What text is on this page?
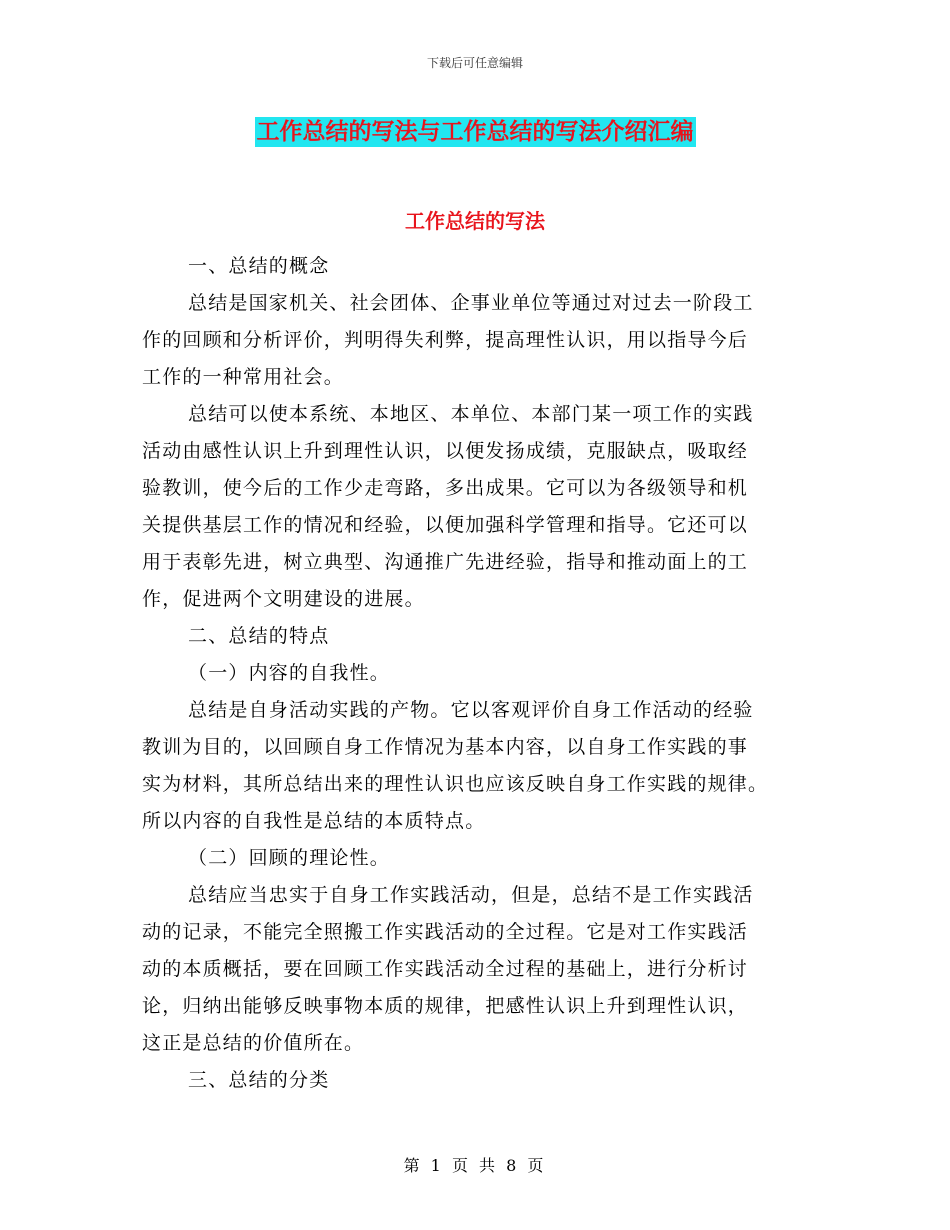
下载后可任意编辑
工作总结的写法与工作总结的写法介绍汇编
工作总结的写法
一、总结的概念
总结是国家机关、社会团体、企事业单位等通过对过去一阶段工
作的回顾和分析评价，判明得失利弊，提高理性认识，用以指导今后
工作的一种常用社会。
总结可以使本系统、本地区、本单位、本部门某一项工作的实践
活动由感性认识上升到理性认识，以便发扬成绩，克服缺点，吸取经
验教训，使今后的工作少走弯路，多出成果。它可以为各级领导和机
关提供基层工作的情况和经验，以便加强科学管理和指导。它还可以
用于表彰先进，树立典型、沟通推广先进经验，指导和推动面上的工
作，促进两个文明建设的进展。
二、总结的特点
（一）内容的自我性。
总结是自身活动实践的产物。它以客观评价自身工作活动的经验
教训为目的，以回顾自身工作情况为基本内容，以自身工作实践的事
实为材料，其所总结出来的理性认识也应该反映自身工作实践的规律。
所以内容的自我性是总结的本质特点。
（二）回顾的理论性。
总结应当忠实于自身工作实践活动，但是，总结不是工作实践活
动的记录，不能完全照搬工作实践活动的全过程。它是对工作实践活
动的本质概括，要在回顾工作实践活动全过程的基础上，进行分析讨
论，归纳出能够反映事物本质的规律，把感性认识上升到理性认识，
这正是总结的价值所在。
三、总结的分类
第 1 页 共 8 页
